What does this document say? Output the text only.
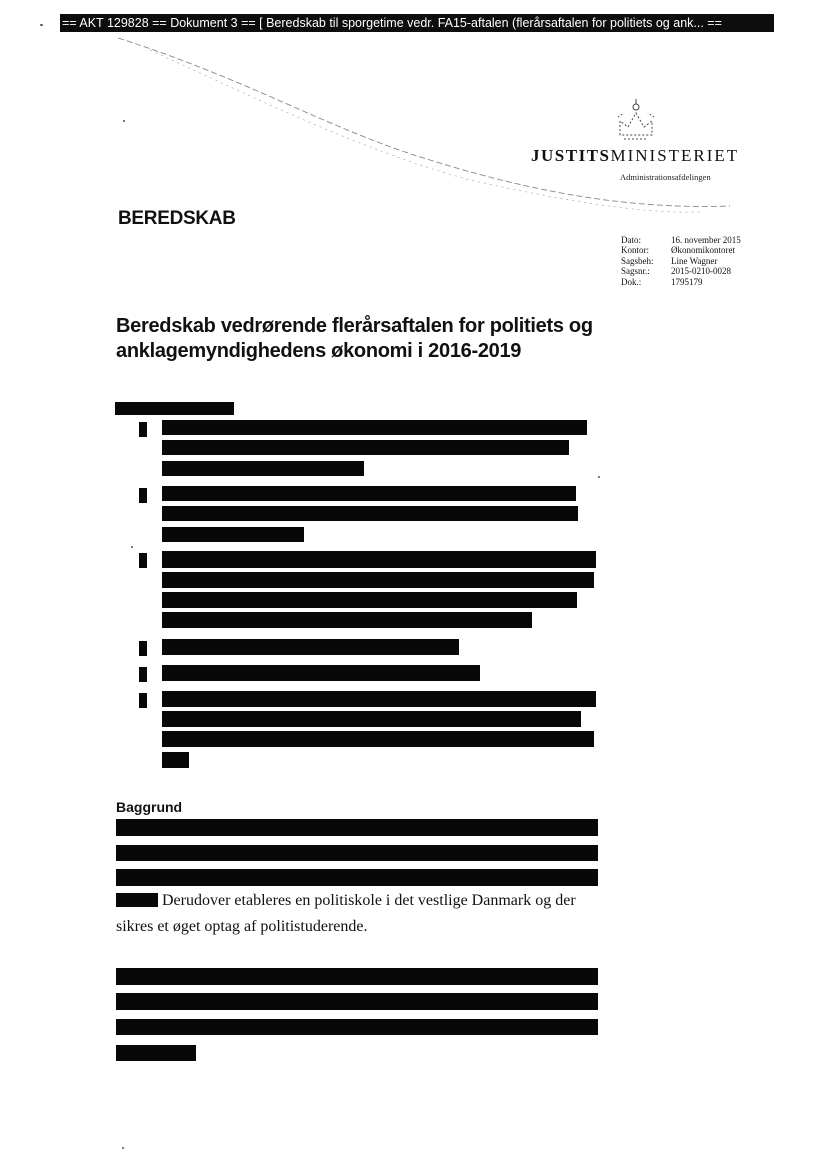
== AKT 129828 == Dokument 3 == [ Beredskab til sporgetime vedr. FA15-aftalen (flerårsaftalen for politiets og ank... ==
JUSTITSMINISTERIET
Administrationsafdelingen
BEREDSKAB
Dato:	16. november 2015
Kontor:	Økonomikontoret
Sagsbeh:	Line Wagner
Sagsnr.:	2015-0210-0028
Dok.:	1795179
Beredskab vedrørende flerårsaftalen for politiets og anklagemyndighedens økonomi i 2016-2019
Baggrund
Derudover etableres en politiskole i det vestlige Danmark og der sikres et øget optag af politistuderende.
